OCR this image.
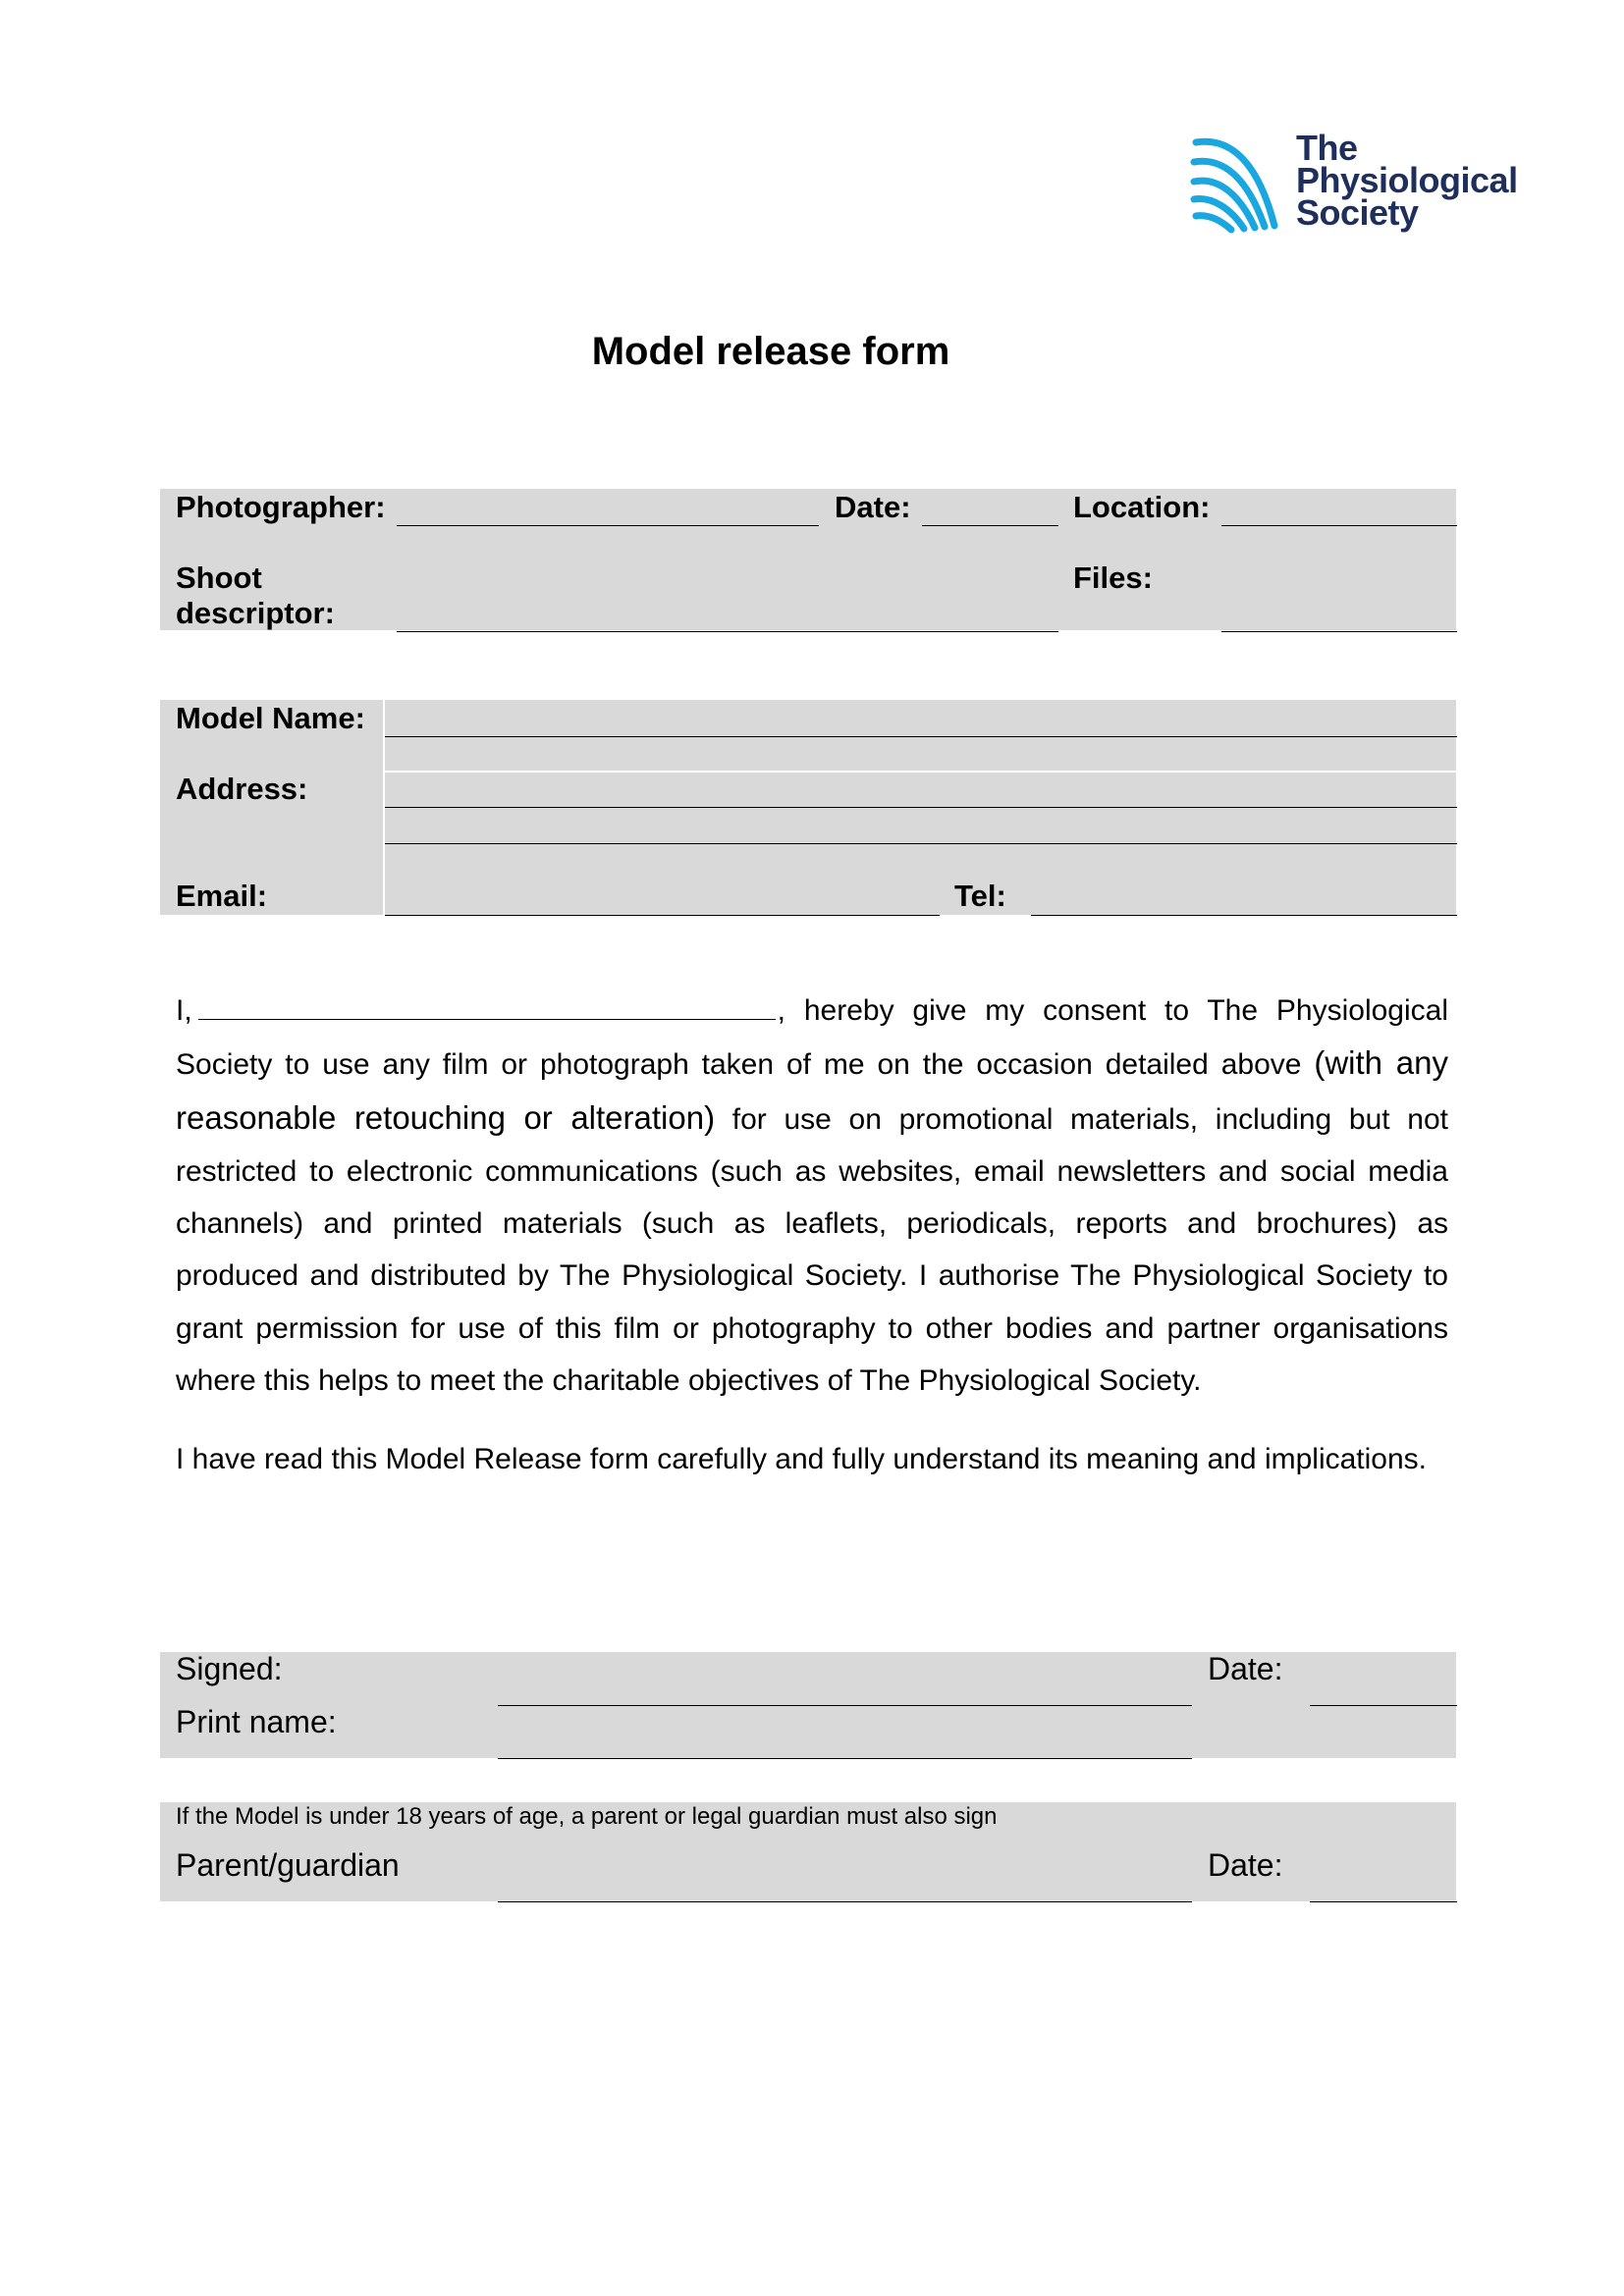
The
Physiological
Society
Model release form
Photographer:	Date:	Location:
Shoot
descriptor:
Files:
Model Name:
Address:
Email:	Tel:
I,	, hereby give my consent to The Physiological Society to use any film or photograph taken of me on the occasion detailed above (with any reasonable retouching or alteration) for use on promotional materials, including but not restricted to electronic communications (such as websites, email newsletters and social media channels) and printed materials (such as leaflets, periodicals, reports and brochures) as produced and distributed by The Physiological Society. I authorise The Physiological Society to grant permission for use of this film or photography to other bodies and partner organisations where this helps to meet the charitable objectives of The Physiological Society.
I have read this Model Release form carefully and fully understand its meaning and implications.
Signed:	Date:
Print name:
If the Model is under 18 years of age, a parent or legal guardian must also sign
Parent/guardian	Date:
